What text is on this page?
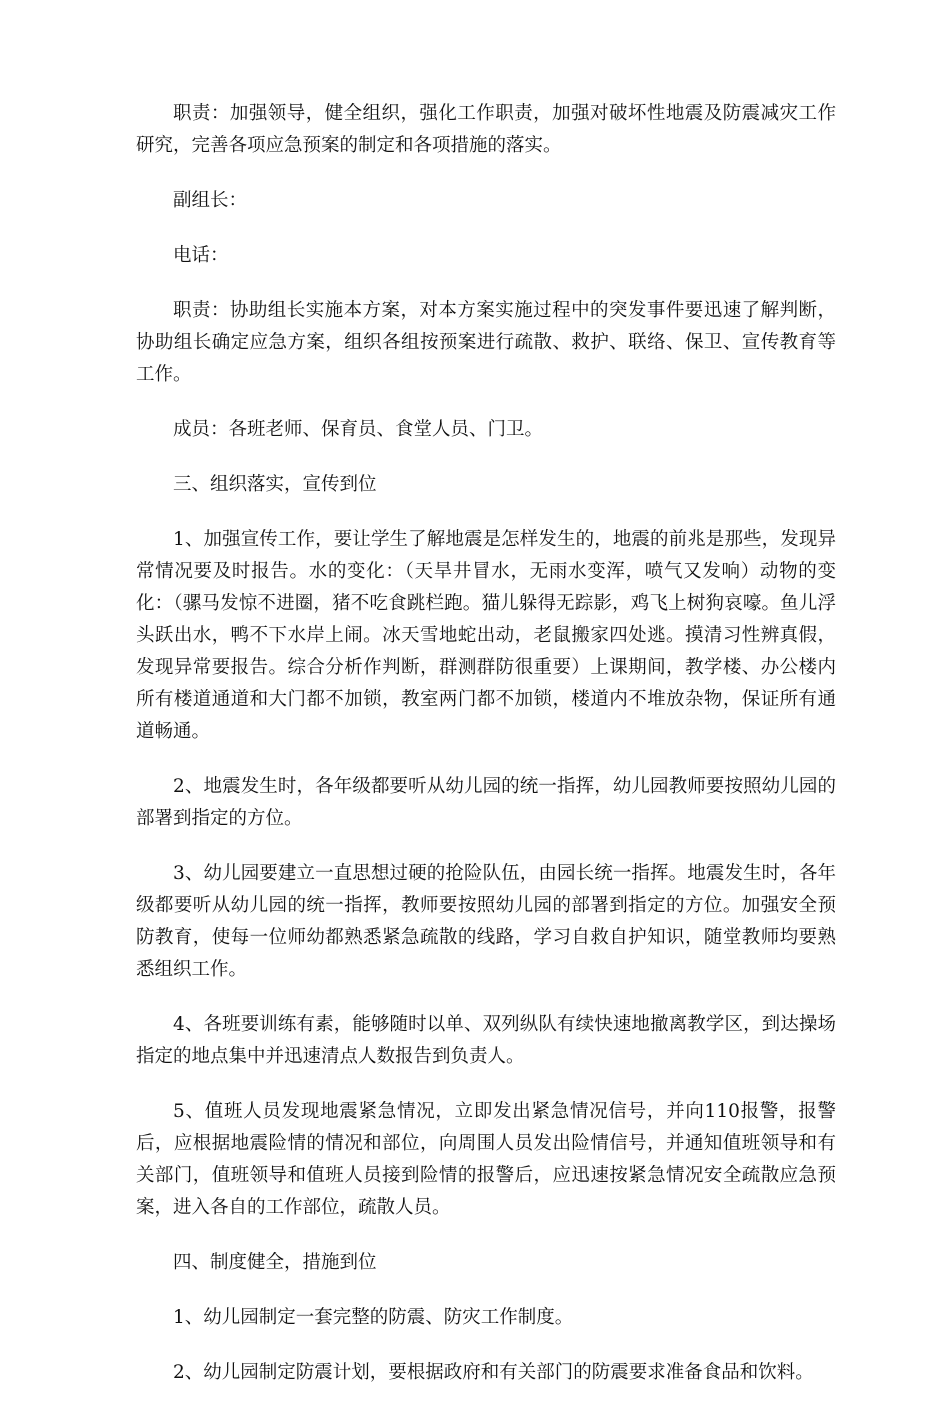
职责：加强领导，健全组织，强化工作职责，加强对破坏性地震及防震减灾工作研究，完善各项应急预案的制定和各项措施的落实。

副组长：

电话：

职责：协助组长实施本方案，对本方案实施过程中的突发事件要迅速了解判断，协助组长确定应急方案，组织各组按预案进行疏散、救护、联络、保卫、宣传教育等工作。

成员：各班老师、保育员、食堂人员、门卫。

三、组织落实，宣传到位

1、加强宣传工作，要让学生了解地震是怎样发生的，地震的前兆是那些，发现异常情况要及时报告。水的变化：（天旱井冒水，无雨水变浑，喷气又发响）动物的变化：（骡马发惊不进圈，猪不吃食跳栏跑。猫儿躲得无踪影，鸡飞上树狗哀嚎。鱼儿浮头跃出水，鸭不下水岸上闹。冰天雪地蛇出动，老鼠搬家四处逃。摸清习性辨真假，发现异常要报告。综合分析作判断，群测群防很重要）上课期间，教学楼、办公楼内所有楼道通道和大门都不加锁，教室两门都不加锁，楼道内不堆放杂物，保证所有通道畅通。

2、地震发生时，各年级都要听从幼儿园的统一指挥，幼儿园教师要按照幼儿园的部署到指定的方位。

3、幼儿园要建立一直思想过硬的抢险队伍，由园长统一指挥。地震发生时，各年级都要听从幼儿园的统一指挥，教师要按照幼儿园的部署到指定的方位。加强安全预防教育，使每一位师幼都熟悉紧急疏散的线路，学习自救自护知识，随堂教师均要熟悉组织工作。

4、各班要训练有素，能够随时以单、双列纵队有续快速地撤离教学区，到达操场指定的地点集中并迅速清点人数报告到负责人。

5、值班人员发现地震紧急情况，立即发出紧急情况信号，并向110报警，报警后，应根据地震险情的情况和部位，向周围人员发出险情信号，并通知值班领导和有关部门，值班领导和值班人员接到险情的报警后，应迅速按紧急情况安全疏散应急预案，进入各自的工作部位，疏散人员。

四、制度健全，措施到位

1、幼儿园制定一套完整的防震、防灾工作制度。

2、幼儿园制定防震计划，要根据政府和有关部门的防震要求准备食品和饮料。
